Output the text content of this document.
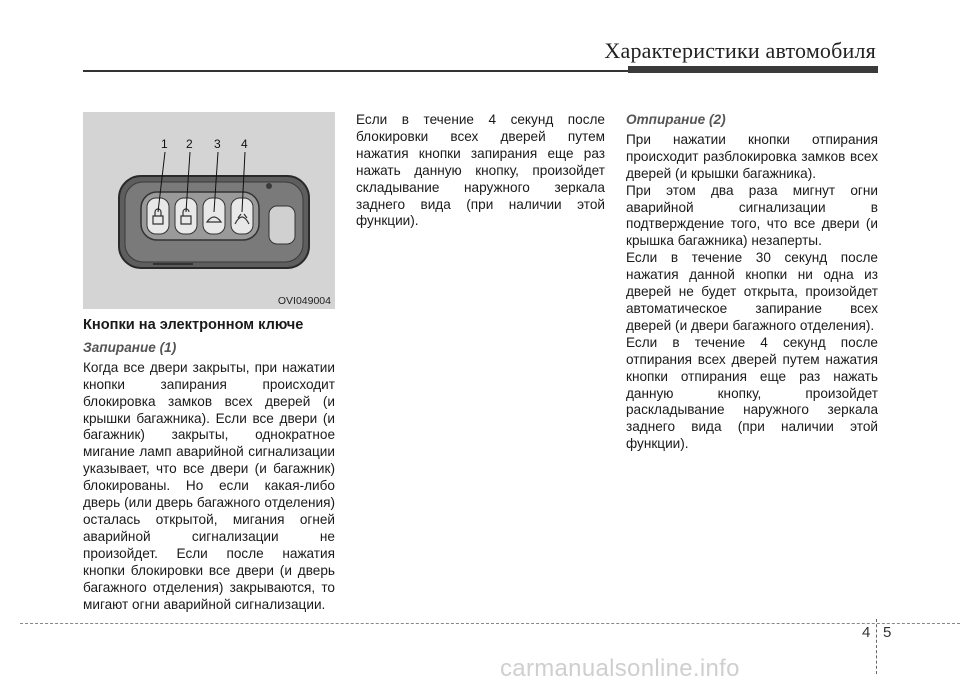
Характеристики автомобиля
1 2 3 4
OVI049004
Кнопки на электронном ключе
Запирание (1)

Когда все двери закрыты, при нажатии кнопки запирания происходит блокировка замков всех дверей (и крышки багажника). Если все двери (и багажник) закрыты, однократное мигание ламп аварийной сигнализации указывает, что все двери (и багажник) блокированы. Но если какая-либо дверь (или дверь багажного отделения) осталась открытой, мигания огней аварийной сигнализации не произойдет. Если после нажатия кнопки блокировки все двери (и дверь багажного отделения) закрываются, то мигают огни аварийной сигнализации.

Если в течение 4 секунд после блокировки всех дверей путем нажатия кнопки запирания еще раз нажать данную кнопку, произойдет складывание наружного зеркала заднего вида (при наличии этой функции).

Отпирание (2)

При нажатии кнопки отпирания происходит разблокировка замков всех дверей (и крышки багажника).

При этом два раза мигнут огни аварийной сигнализации в подтверждение того, что все двери (и крышка багажника) незаперты.

Если в течение 30 секунд после нажатия данной кнопки ни одна из дверей не будет открыта, произойдет автоматическое запирание всех дверей (и двери багажного отделения).

Если в течение 4 секунд после отпирания всех дверей путем нажатия кнопки отпирания еще раз нажать данную кнопку, произойдет раскладывание наружного зеркала заднего вида (при наличии этой функции).

4 5
carmanualsonline.info
